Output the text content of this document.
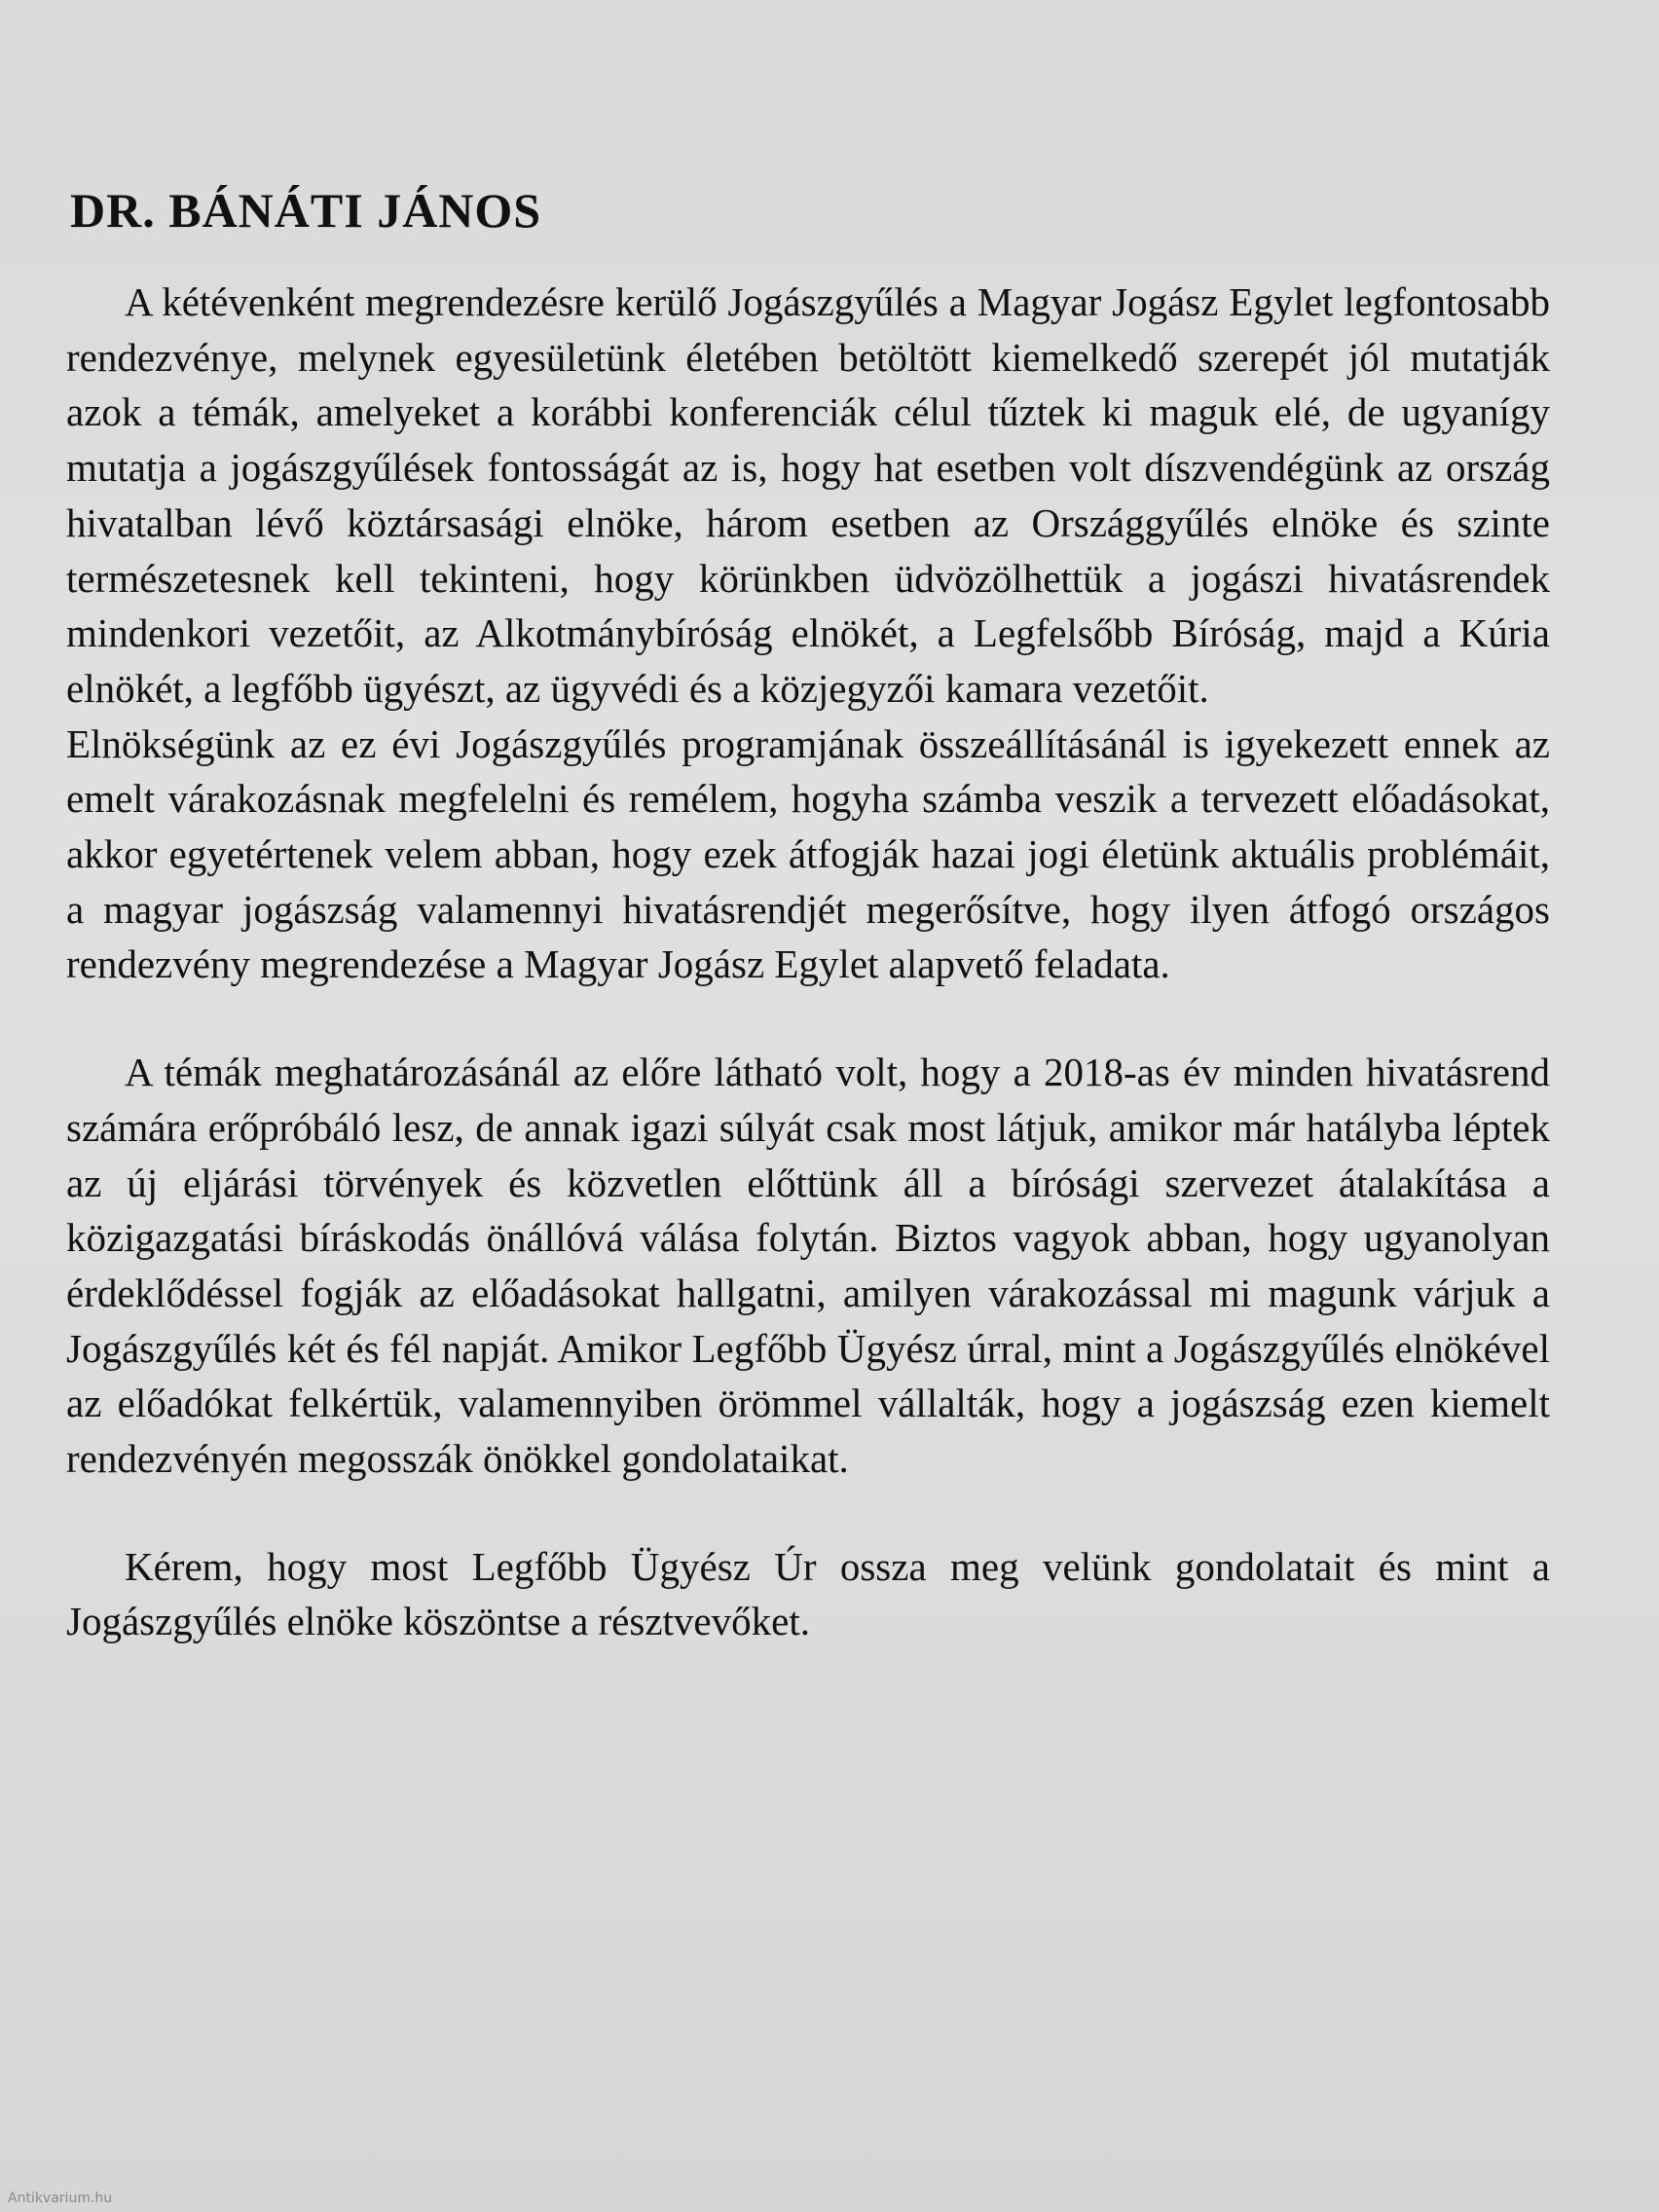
DR. BÁNÁTI JÁNOS

A kétévenként megrendezésre kerülő Jogászgyűlés a Magyar Jogász Egylet legfontosabb rendezvénye, melynek egyesületünk életében betöltött kiemelkedő szerepét jól mutatják azok a témák, amelyeket a korábbi konferenciák célul tűztek ki maguk elé, de ugyanígy mutatja a jogászgyűlések fontosságát az is, hogy hat esetben volt díszvendégünk az ország hivatalban lévő köztársasági elnöke, három esetben az Országgyűlés elnöke és szinte természetesnek kell tekinteni, hogy körünkben üdvözölhettük a jogászi hivatásrendek mindenkori vezetőit, az Alkotmánybíróság elnökét, a Legfelsőbb Bíróság, majd a Kúria elnökét, a legfőbb ügyészt, az ügyvédi és a közjegyzői kamara vezetőit.

Elnökségünk az ez évi Jogászgyűlés programjának összeállításánál is igyekezett ennek az emelt várakozásnak megfelelni és remélem, hogyha számba veszik a tervezett előadásokat, akkor egyetértenek velem abban, hogy ezek átfogják hazai jogi életünk aktuális problémáit, a magyar jogászság valamennyi hivatásrendjét megerősítve, hogy ilyen átfogó országos rendezvény megrendezése a Magyar Jogász Egylet alapvető feladata.

A témák meghatározásánál az előre látható volt, hogy a 2018-as év minden hivatásrend számára erőpróbáló lesz, de annak igazi súlyát csak most látjuk, amikor már hatályba léptek az új eljárási törvények és közvetlen előttünk áll a bírósági szervezet átalakítása a közigazgatási bíráskodás önállóvá válása folytán. Biztos vagyok abban, hogy ugyanolyan érdeklődéssel fogják az előadásokat hallgatni, amilyen várakozással mi magunk várjuk a Jogászgyűlés két és fél napját. Amikor Legfőbb Ügyész úrral, mint a Jogászgyűlés elnökével az előadókat felkértük, valamennyiben örömmel vállalták, hogy a jogászság ezen kiemelt rendezvényén megosszák önökkel gondolataikat.

Kérem, hogy most Legfőbb Ügyész Úr ossza meg velünk gondolatait és mint a Jogászgyűlés elnöke köszöntse a résztvevőket.

Antikvarium.hu
